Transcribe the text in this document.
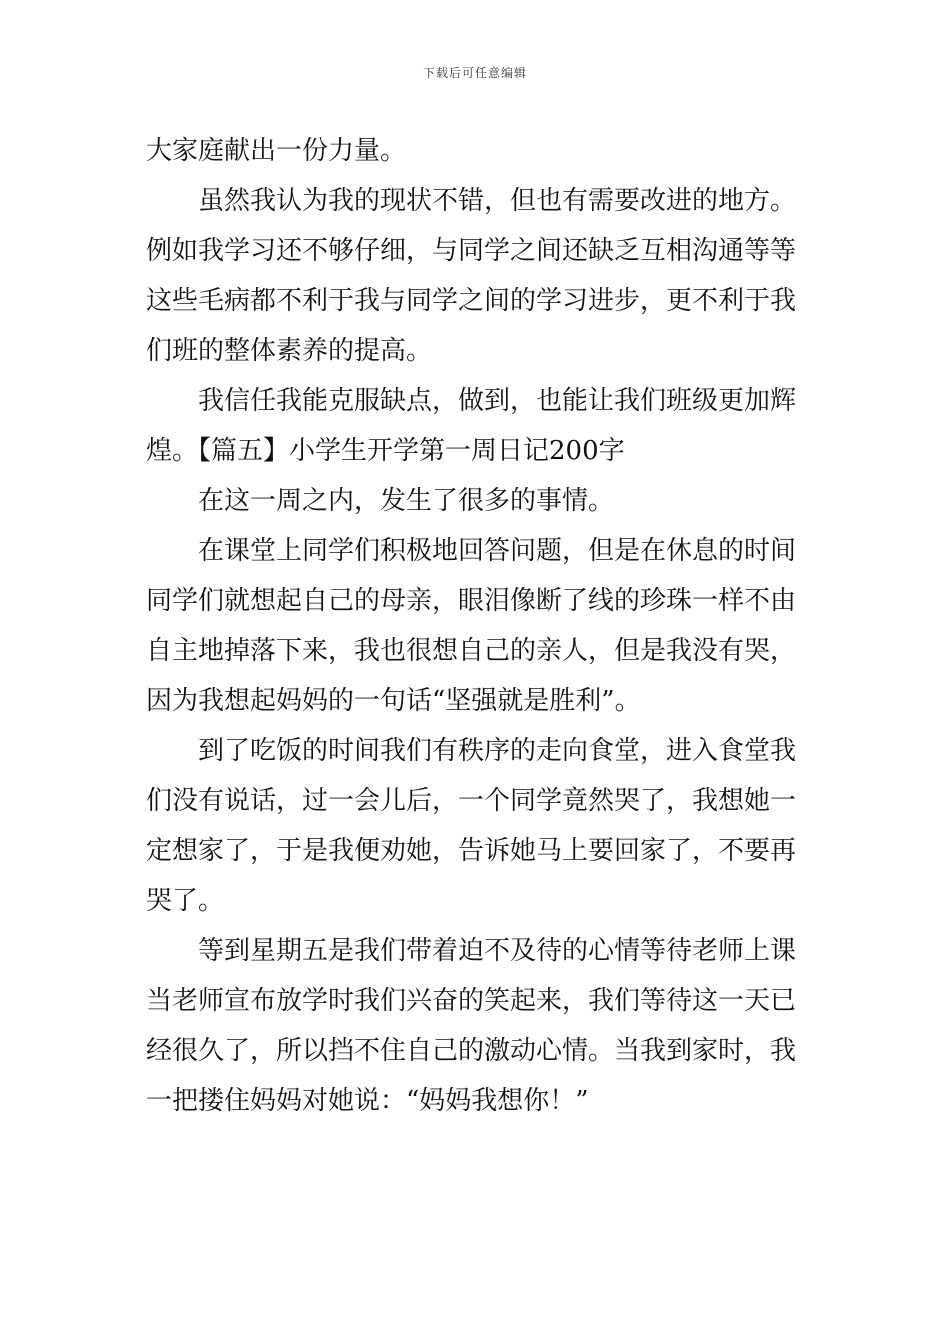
下载后可任意编辑
大家庭献出一份力量。
虽然我认为我的现状不错，但也有需要改进的地方。
例如我学习还不够仔细，与同学之间还缺乏互相沟通等等
这些毛病都不利于我与同学之间的学习进步，更不利于我
们班的整体素养的提高。
我信任我能克服缺点，做到，也能让我们班级更加辉
煌。【篇五】小学生开学第一周日记200字
在这一周之内，发生了很多的事情。
在课堂上同学们积极地回答问题，但是在休息的时间
同学们就想起自己的母亲，眼泪像断了线的珍珠一样不由
自主地掉落下来，我也很想自己的亲人，但是我没有哭，
因为我想起妈妈的一句话“坚强就是胜利”。
到了吃饭的时间我们有秩序的走向食堂，进入食堂我
们没有说话，过一会儿后，一个同学竟然哭了，我想她一
定想家了，于是我便劝她，告诉她马上要回家了，不要再
哭了。
等到星期五是我们带着迫不及待的心情等待老师上课
当老师宣布放学时我们兴奋的笑起来，我们等待这一天已
经很久了，所以挡不住自己的激动心情。当我到家时，我
一把搂住妈妈对她说：“妈妈我想你！”
